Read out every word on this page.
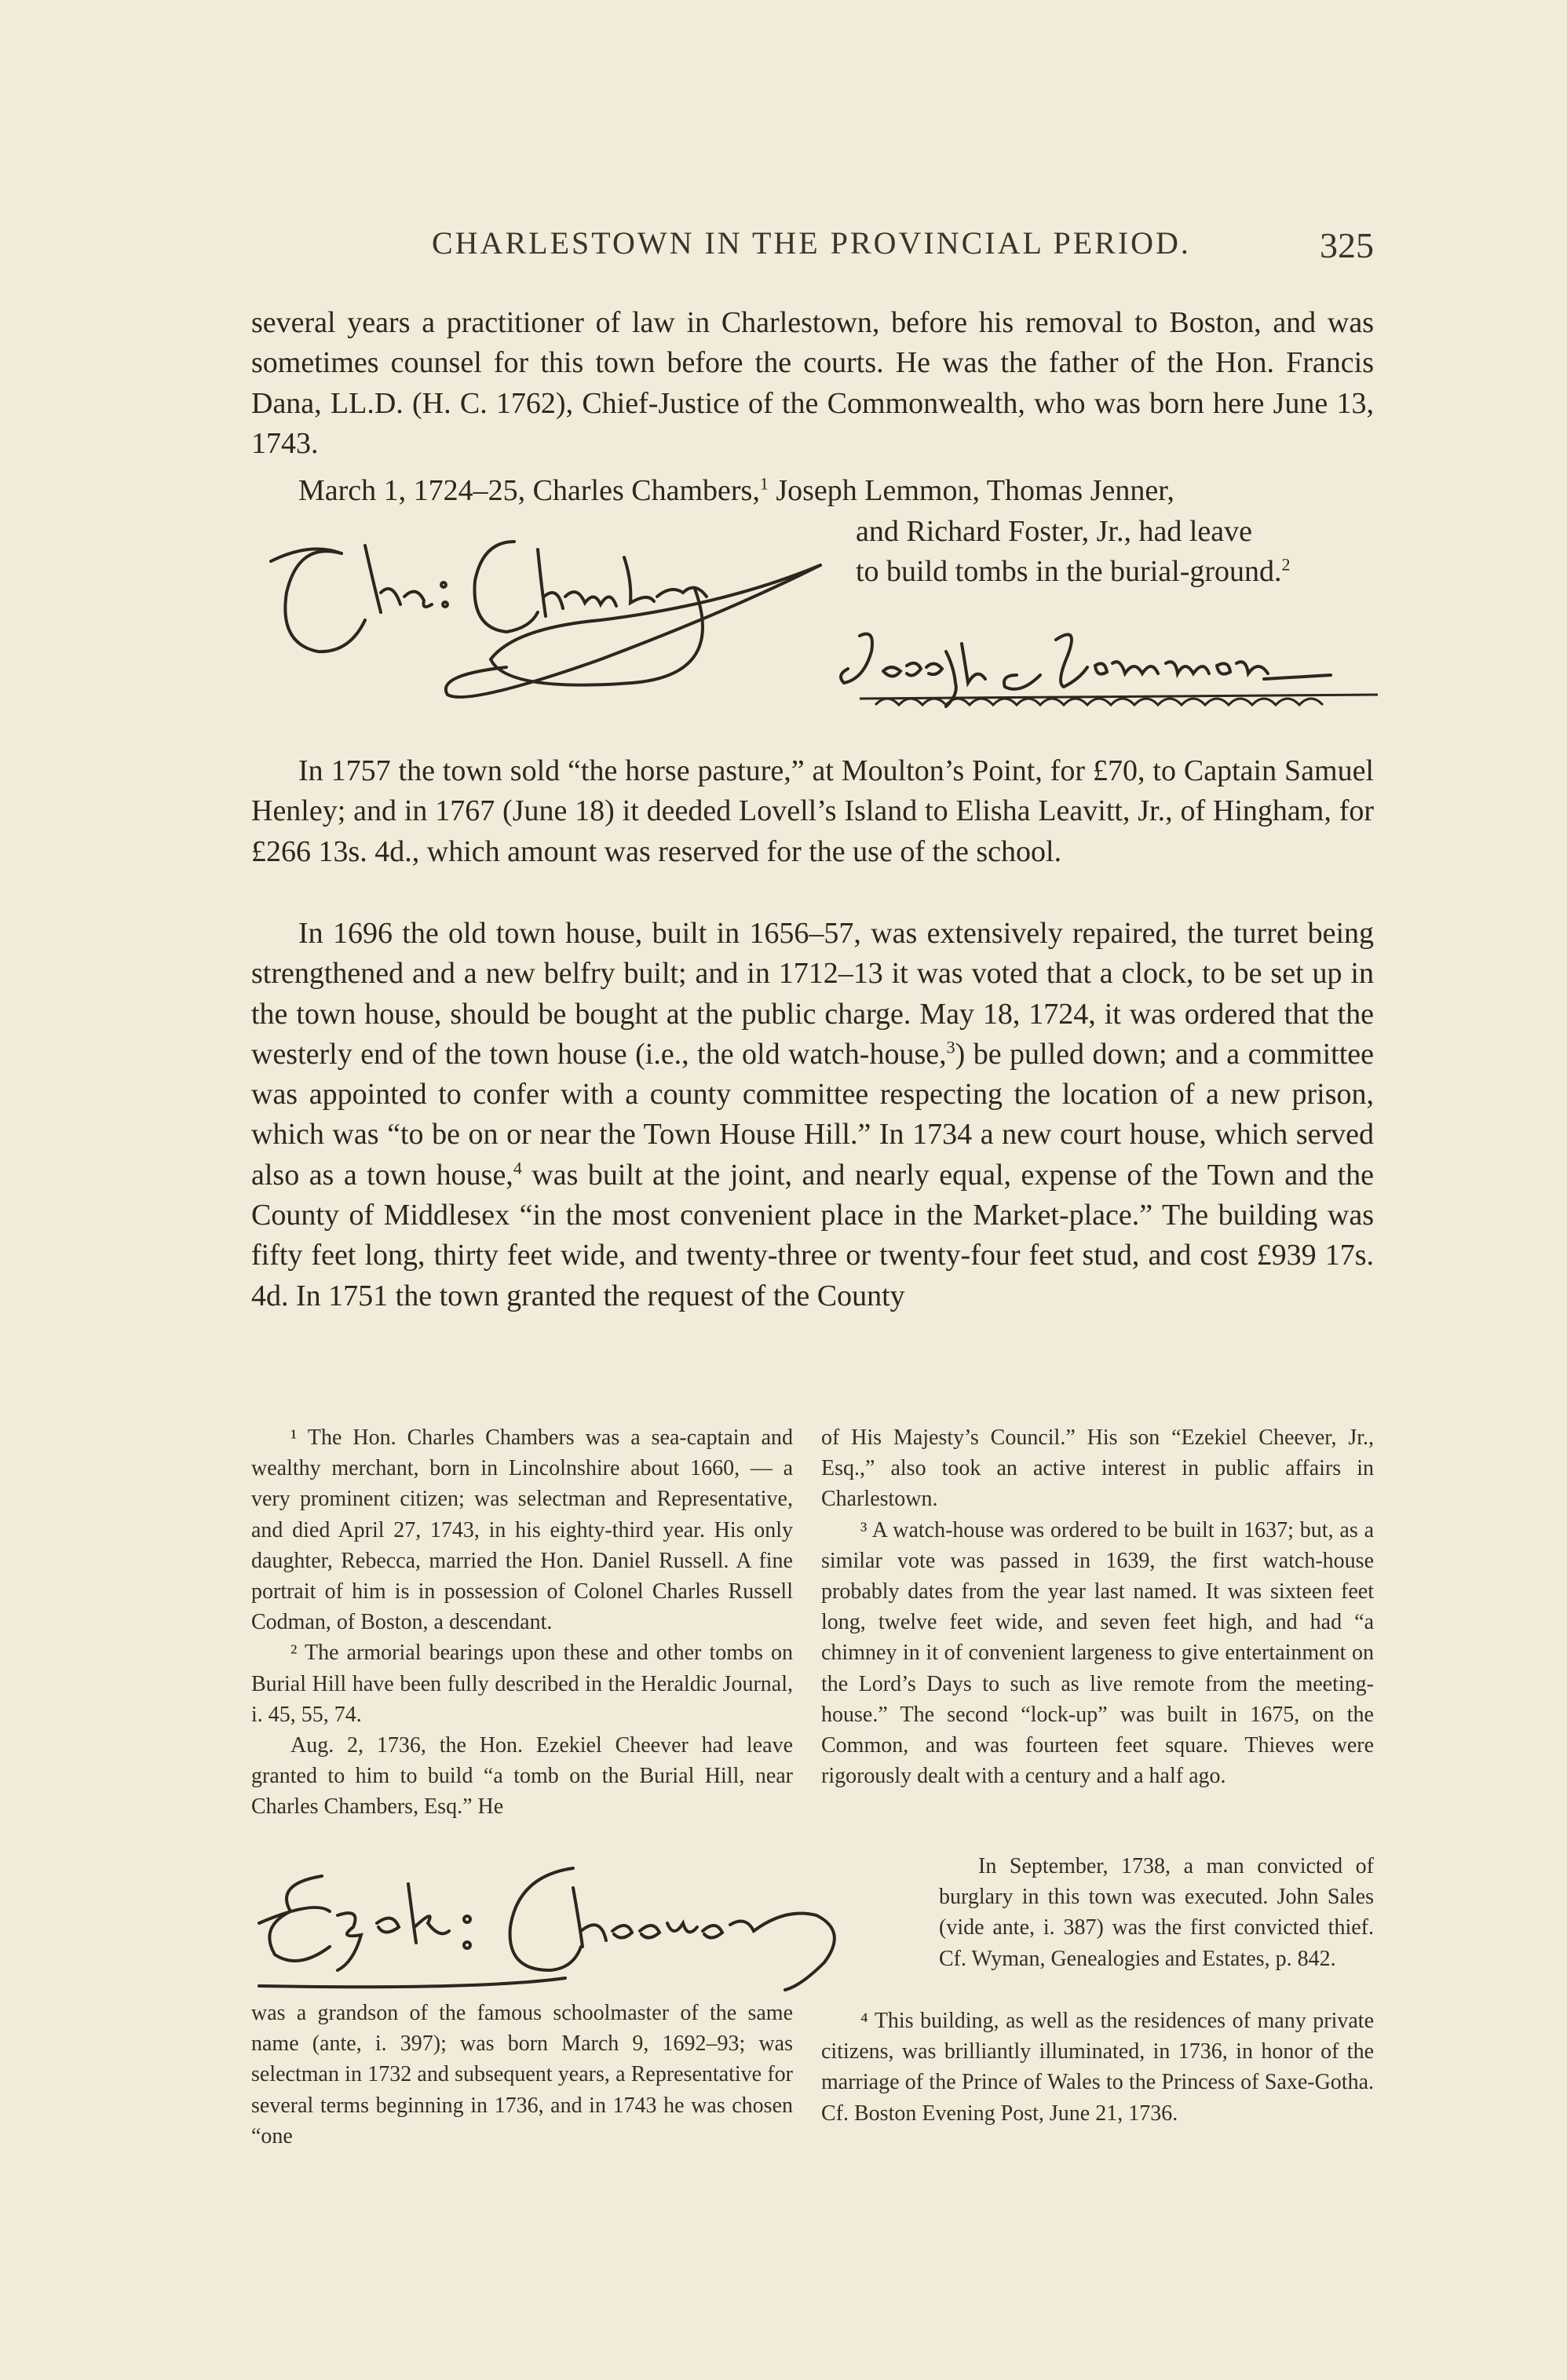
CHARLESTOWN IN THE PROVINCIAL PERIOD.	325

several years a practitioner of law in Charlestown, before his removal to Boston, and was sometimes counsel for this town before the courts. He was the father of the Hon. Francis Dana, LL.D. (H. C. 1762), Chief-Justice of the Commonwealth, who was born here June 13, 1743.

March 1, 1724–25, Charles Chambers,$^1$ Joseph Lemmon, Thomas Jenner,

and Richard Foster, Jr., had leave
to build tombs in the burial-ground.$^2$

In 1757 the town sold “the horse pasture,” at Moulton’s Point, for £70, to Captain Samuel Henley; and in 1767 (June 18) it deeded Lovell’s Island to Elisha Leavitt, Jr., of Hingham, for £266 13s. 4d., which amount was reserved for the use of the school.

In 1696 the old town house, built in 1656–57, was extensively repaired, the turret being strengthened and a new belfry built; and in 1712–13 it was voted that a clock, to be set up in the town house, should be bought at the public charge. May 18, 1724, it was ordered that the westerly end of the town house (i.e., the old watch-house,$^3$) be pulled down; and a committee was appointed to confer with a county committee respecting the location of a new prison, which was “to be on or near the Town House Hill.” In 1734 a new court house, which served also as a town house,$^4$ was built at the joint, and nearly equal, expense of the Town and the County of Middlesex “in the most convenient place in the Market-place.” The building was fifty feet long, thirty feet wide, and twenty-three or twenty-four feet stud, and cost £939 17s. 4d. In 1751 the town granted the request of the County

¹ The Hon. Charles Chambers was a sea-captain and wealthy merchant, born in Lincolnshire about 1660, — a very prominent citizen; was selectman and Representative, and died April 27, 1743, in his eighty-third year. His only daughter, Rebecca, married the Hon. Daniel Russell. A fine portrait of him is in possession of Colonel Charles Russell Codman, of Boston, a descendant.

² The armorial bearings upon these and other tombs on Burial Hill have been fully described in the Heraldic Journal, i. 45, 55, 74.

Aug. 2, 1736, the Hon. Ezekiel Cheever had leave granted to him to build “a tomb on the Burial Hill, near Charles Chambers, Esq.” He

was a grandson of the famous schoolmaster of the same name (ante, i. 397); was born March 9, 1692–93; was selectman in 1732 and subsequent years, a Representative for several terms beginning in 1736, and in 1743 he was chosen “one

of His Majesty’s Council.” His son “Ezekiel Cheever, Jr., Esq.,” also took an active interest in public affairs in Charlestown.

³ A watch-house was ordered to be built in 1637; but, as a similar vote was passed in 1639, the first watch-house probably dates from the year last named. It was sixteen feet long, twelve feet wide, and seven feet high, and had “a chimney in it of convenient largeness to give entertainment on the Lord’s Days to such as live remote from the meeting-house.” The second “lock-up” was built in 1675, on the Common, and was fourteen feet square. Thieves were rigorously dealt with a century and a half ago.

In September, 1738, a man convicted of burglary in this town was executed. John Sales (vide ante, i. 387) was the first convicted thief. Cf. Wyman, Genealogies and Estates, p. 842.

⁴ This building, as well as the residences of many private citizens, was brilliantly illuminated, in 1736, in honor of the marriage of the Prince of Wales to the Princess of Saxe-Gotha. Cf. Boston Evening Post, June 21, 1736.
